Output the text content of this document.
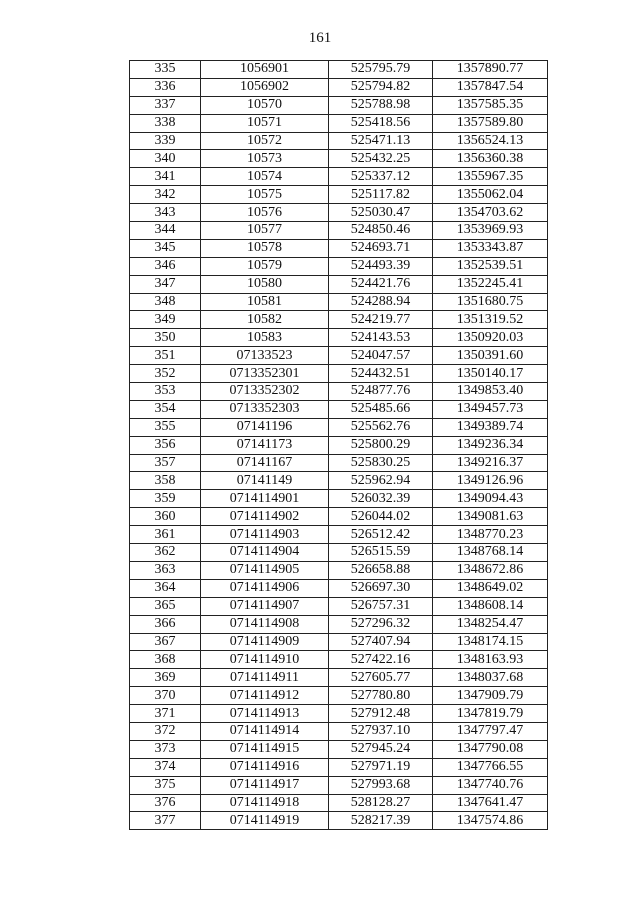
161
335	1056901	525795.79	1357890.77
336	1056902	525794.82	1357847.54
337	10570	525788.98	1357585.35
338	10571	525418.56	1357589.80
339	10572	525471.13	1356524.13
340	10573	525432.25	1356360.38
341	10574	525337.12	1355967.35
342	10575	525117.82	1355062.04
343	10576	525030.47	1354703.62
344	10577	524850.46	1353969.93
345	10578	524693.71	1353343.87
346	10579	524493.39	1352539.51
347	10580	524421.76	1352245.41
348	10581	524288.94	1351680.75
349	10582	524219.77	1351319.52
350	10583	524143.53	1350920.03
351	07133523	524047.57	1350391.60
352	0713352301	524432.51	1350140.17
353	0713352302	524877.76	1349853.40
354	0713352303	525485.66	1349457.73
355	07141196	525562.76	1349389.74
356	07141173	525800.29	1349236.34
357	07141167	525830.25	1349216.37
358	07141149	525962.94	1349126.96
359	0714114901	526032.39	1349094.43
360	0714114902	526044.02	1349081.63
361	0714114903	526512.42	1348770.23
362	0714114904	526515.59	1348768.14
363	0714114905	526658.88	1348672.86
364	0714114906	526697.30	1348649.02
365	0714114907	526757.31	1348608.14
366	0714114908	527296.32	1348254.47
367	0714114909	527407.94	1348174.15
368	0714114910	527422.16	1348163.93
369	0714114911	527605.77	1348037.68
370	0714114912	527780.80	1347909.79
371	0714114913	527912.48	1347819.79
372	0714114914	527937.10	1347797.47
373	0714114915	527945.24	1347790.08
374	0714114916	527971.19	1347766.55
375	0714114917	527993.68	1347740.76
376	0714114918	528128.27	1347641.47
377	0714114919	528217.39	1347574.86
